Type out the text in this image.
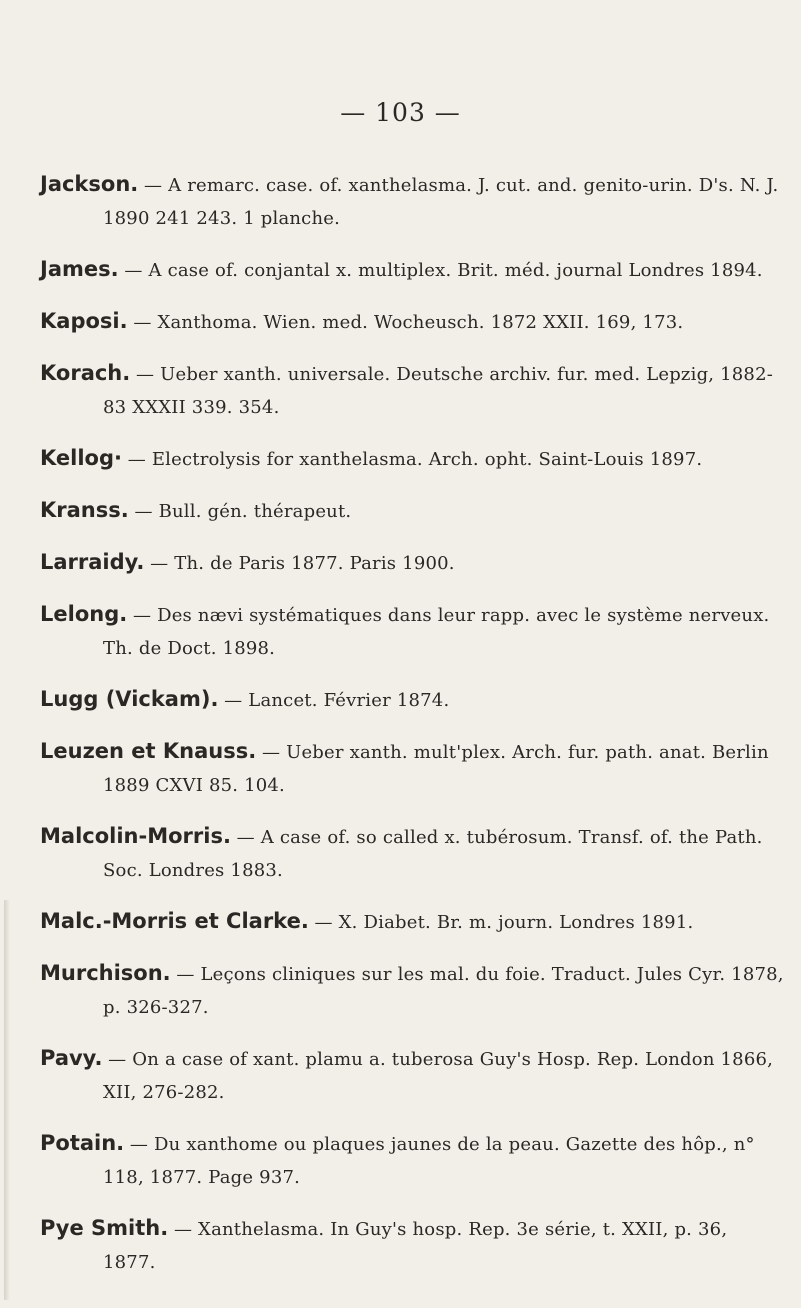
— 103 —

Jackson. — A remarc. case. of. xanthelasma. J. cut. and. genito-urin. D's. N. J. 1890 241 243. 1 planche.

James. — A case of. conjantal x. multiplex. Brit. méd. journal Londres 1894.

Kaposi. — Xanthoma. Wien. med. Wocheusch. 1872 XXII. 169, 173.

Korach. — Ueber xanth. universale. Deutsche archiv. fur. med. Lepzig, 1882-83 XXXII 339. 354.

Kellog· — Electrolysis for xanthelasma. Arch. opht. Saint-Louis 1897.

Kranss. — Bull. gén. thérapeut.

Larraidy. — Th. de Paris 1877. Paris 1900.

Lelong. — Des nævi systématiques dans leur rapp. avec le système nerveux. Th. de Doct. 1898.

Lugg (Vickam). — Lancet. Février 1874.

Leuzen et Knauss. — Ueber xanth. mult'plex. Arch. fur. path. anat. Berlin 1889 CXVI 85. 104.

Malcolin-Morris. — A case of. so called x. tubérosum. Transf. of. the Path. Soc. Londres 1883.

Malc.-Morris et Clarke. — X. Diabet. Br. m. journ. Londres 1891.

Murchison. — Leçons cliniques sur les mal. du foie. Traduct. Jules Cyr. 1878, p. 326-327.

Pavy. — On a case of xant. plamu a. tuberosa Guy's Hosp. Rep. London 1866, XII, 276-282.

Potain. — Du xanthome ou plaques jaunes de la peau. Gazette des hôp., n° 118, 1877. Page 937.

Pye Smith. — Xanthelasma. In Guy's hosp. Rep. 3e série, t. XXII, p. 36, 1877.
